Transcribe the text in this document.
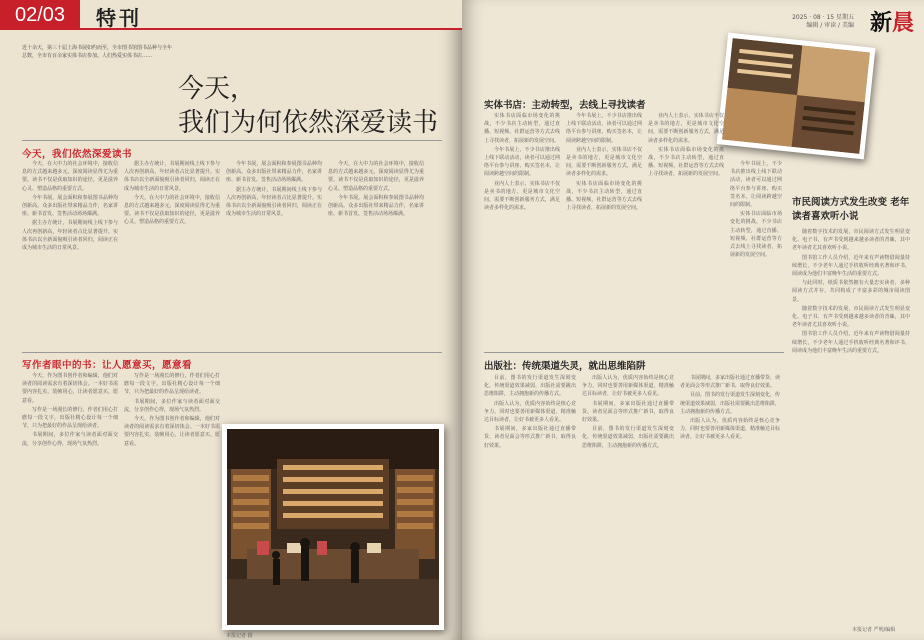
02/03	特刊
近十余天，第三十届上海书展如约而至，全市图书馆图书品种与全年总数，全市有百余家实体书店参加。人们热爱实体书店……
今天，
我们为何依然深爱读书
今天，我们依然深爱读书

今天，在大中力的社会环境中，接收信息的方式越来越多元，深度阅读显得尤为重要。读书不仅是获取知识的途径，更是滋养心灵、塑造品格的重要方式。

今年书展，展会面积和参展图书品种均创新高。众多出版社带来精品力作，名家讲座、新书首发、签售活动场场爆满。

据主办方统计，书展期间线上线下参与人次再创新高，年轻读者占比显著提升。实体书店以全新面貌吸引读者回归，阅读正在成为城市生活的日常风景。

据主办方统计，书展期间线上线下参与人次再创新高，年轻读者占比显著提升。实体书店以全新面貌吸引读者回归，阅读正在成为城市生活的日常风景。

今天，在大中力的社会环境中，接收信息的方式越来越多元，深度阅读显得尤为重要。读书不仅是获取知识的途径，更是滋养心灵、塑造品格的重要方式。

今年书展，展会面积和参展图书品种均创新高。众多出版社带来精品力作，名家讲座、新书首发、签售活动场场爆满。

据主办方统计，书展期间线上线下参与人次再创新高，年轻读者占比显著提升。实体书店以全新面貌吸引读者回归，阅读正在成为城市生活的日常风景。

今天，在大中力的社会环境中，接收信息的方式越来越多元，深度阅读显得尤为重要。读书不仅是获取知识的途径，更是滋养心灵、塑造品格的重要方式。

今年书展，展会面积和参展图书品种均创新高。众多出版社带来精品力作，名家讲座、新书首发、签售活动场场爆满。

写作者眼中的书：让人愿意买，愿意看

今天，作为图书创作者和编辑，他们对读者的阅读需求有着深切体会。一本好书需要内容扎实、装帧用心，让读者愿意买、愿意看。

写作是一场漫长的修行，作者们用心打磨每一段文字，出版社精心设计每一个细节，只为把最好的作品呈现给读者。

书展期间，多位作家与读者面对面交流，分享创作心得，现场气氛热烈。

写作是一场漫长的修行，作者们用心打磨每一段文字，出版社精心设计每一个细节，只为把最好的作品呈现给读者。

书展期间，多位作家与读者面对面交流，分享创作心得，现场气氛热烈。

今天，作为图书创作者和编辑，他们对读者的阅读需求有着深切体会。一本好书需要内容扎实、装帧用心，让读者愿意买、愿意看。

本报记者 摄
2025 · 08 · 15 星期五
编辑 / 审读 / 美编 新晨
实体书店：主动转型，去线上寻找读者

实体书店面临市场变化的挑战，不少书店主动转型，通过直播、短视频、社群运营等方式去线上寻找读者，拓展新的发展空间。

今年书展上，不少书店推出线上线下联动活动，读者可以通过网络平台参与讲座、购买签名本，让阅读跨越空间的限制。

业内人士表示，实体书店不仅是卖书的地方，更是城市文化空间，需要不断创新服务方式，满足读者多样化的需求。

今年书展上，不少书店推出线上线下联动活动，读者可以通过网络平台参与讲座、购买签名本，让阅读跨越空间的限制。

业内人士表示，实体书店不仅是卖书的地方，更是城市文化空间，需要不断创新服务方式，满足读者多样化的需求。

实体书店面临市场变化的挑战，不少书店主动转型，通过直播、短视频、社群运营等方式去线上寻找读者，拓展新的发展空间。

业内人士表示，实体书店不仅是卖书的地方，更是城市文化空间，需要不断创新服务方式，满足读者多样化的需求。

实体书店面临市场变化的挑战，不少书店主动转型，通过直播、短视频、社群运营等方式去线上寻找读者，拓展新的发展空间。

今年书展上，不少书店推出线上线下联动活动，读者可以通过网络平台参与讲座、购买签名本，让阅读跨越空间的限制。

实体书店面临市场变化的挑战，不少书店主动转型，通过直播、短视频、社群运营等方式去线上寻找读者，拓展新的发展空间。

出版社：传统渠道失灵，就出思维陷阱

目前，图书的发行渠道发生深刻变化，传统渠道效果减弱，出版社需要跳出思维陷阱，主动拥抱新的传播方式。

出版人认为，优质内容始终是核心竞争力，同时也要善用新媒体渠道，精准触达目标读者，让好书被更多人看见。

书展期间，多家出版社通过直播带货、读者见面会等形式推广新书，取得良好效果。

出版人认为，优质内容始终是核心竞争力，同时也要善用新媒体渠道，精准触达目标读者，让好书被更多人看见。

书展期间，多家出版社通过直播带货、读者见面会等形式推广新书，取得良好效果。

目前，图书的发行渠道发生深刻变化，传统渠道效果减弱，出版社需要跳出思维陷阱，主动拥抱新的传播方式。

书展期间，多家出版社通过直播带货、读者见面会等形式推广新书，取得良好效果。

目前，图书的发行渠道发生深刻变化，传统渠道效果减弱，出版社需要跳出思维陷阱，主动拥抱新的传播方式。

出版人认为，优质内容始终是核心竞争力，同时也要善用新媒体渠道，精准触达目标读者，让好书被更多人看见。

市民阅读方式发生改变 老年读者喜欢听小说

随着数字技术的发展，市民阅读方式发生明显变化。电子书、有声书受到越来越多读者的青睐，其中老年读者尤其喜欢听小说。

图书馆工作人员介绍，近年来有声读物借阅量持续增长，不少老年人通过手机收听经典名著和评书，阅读成为他们丰富晚年生活的重要方式。

与此同时，纸质书依然拥有大量忠实读者，多种阅读方式并存，共同构成了丰富多彩的城市阅读图景。

随着数字技术的发展，市民阅读方式发生明显变化。电子书、有声书受到越来越多读者的青睐，其中老年读者尤其喜欢听小说。

图书馆工作人员介绍，近年来有声读物借阅量持续增长，不少老年人通过手机收听经典名著和评书，阅读成为他们丰富晚年生活的重要方式。

本报记者 严明/编辑
